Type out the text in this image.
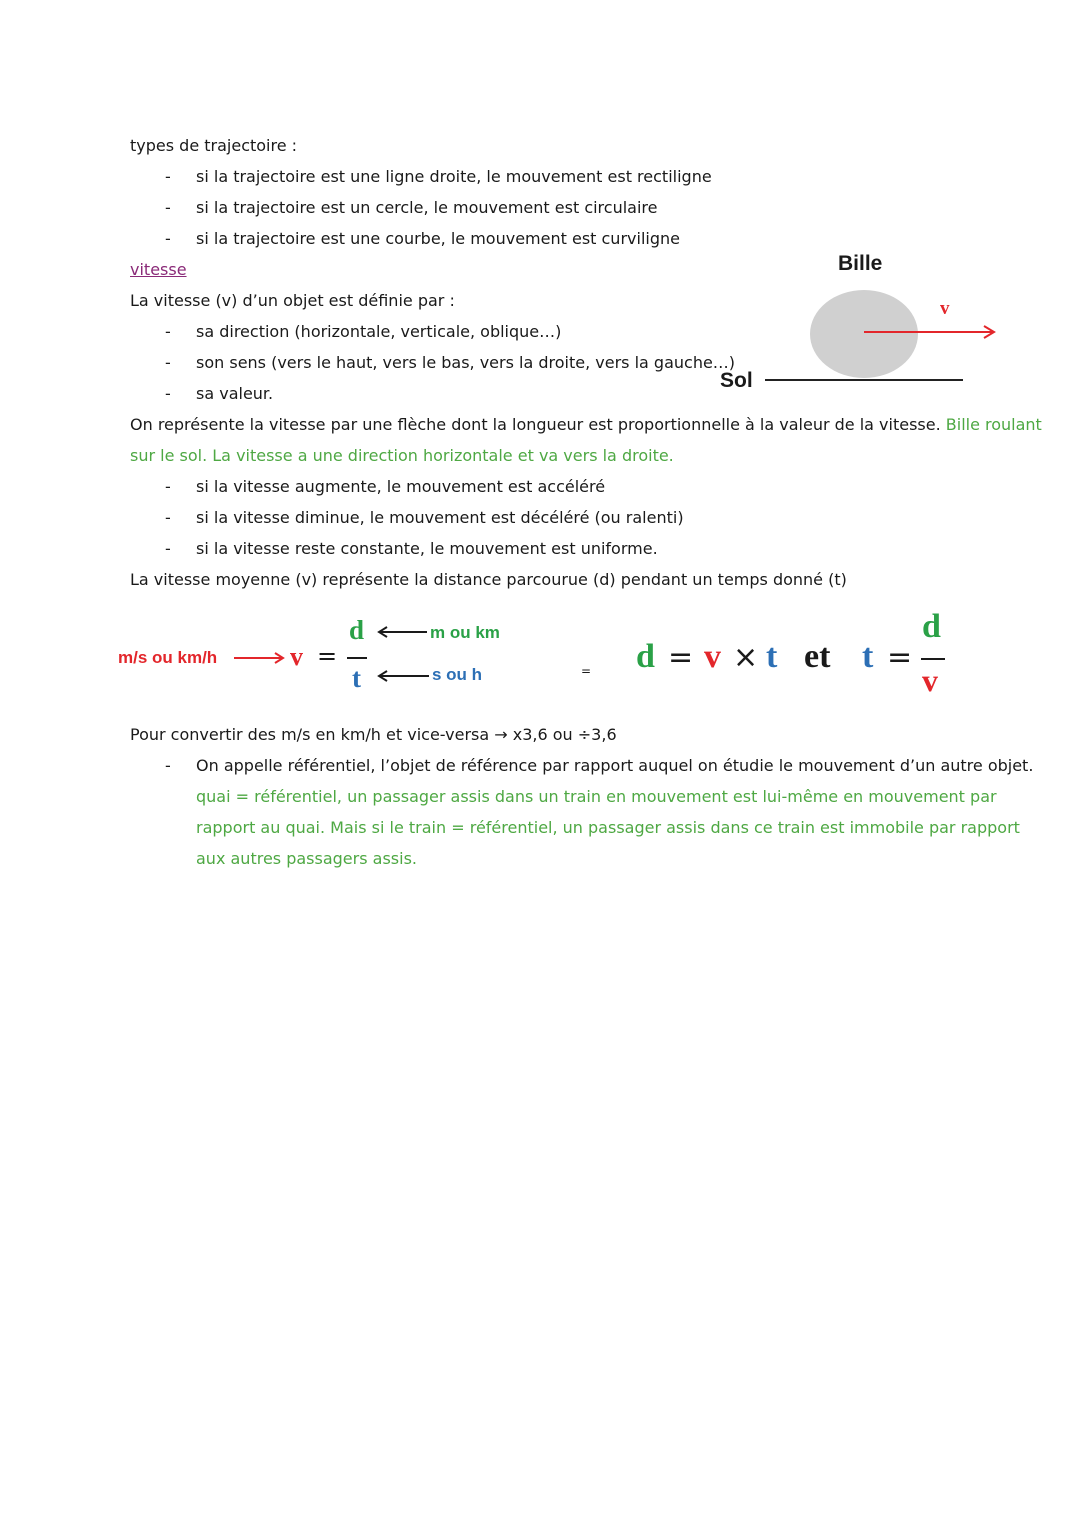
types de trajectoire :
- si la trajectoire est une ligne droite, le mouvement est rectiligne
- si la trajectoire est un cercle, le mouvement est circulaire
- si la trajectoire est une courbe, le mouvement est curviligne
vitesse
La vitesse (v) d’un objet est définie par :
- sa direction (horizontale, verticale, oblique…)
- son sens (vers le haut, vers le bas, vers la droite, vers la gauche…)
- sa valeur.
Bille
Sol
v⃗
On représente la vitesse par une flèche dont la longueur est proportionnelle à la valeur de la vitesse. Bille roulant
sur le sol. La vitesse a une direction horizontale et va vers la droite.
- si la vitesse augmente, le mouvement est accéléré
- si la vitesse diminue, le mouvement est décéléré (ou ralenti)
- si la vitesse reste constante, le mouvement est uniforme.
La vitesse moyenne (v) représente la distance parcourue (d) pendant un temps donné (t)
m/s ou km/h	v =
d
t
m ou km
s ou h	= d = v × t et t =
d
v
Pour convertir des m/s en km/h et vice-versa → x3,6 ou ÷3,6
- On appelle référentiel, l’objet de référence par rapport auquel on étudie le mouvement d’un autre objet.
quai = référentiel, un passager assis dans un train en mouvement est lui-même en mouvement par
rapport au quai. Mais si le train = référentiel, un passager assis dans ce train est immobile par rapport
aux autres passagers assis.
